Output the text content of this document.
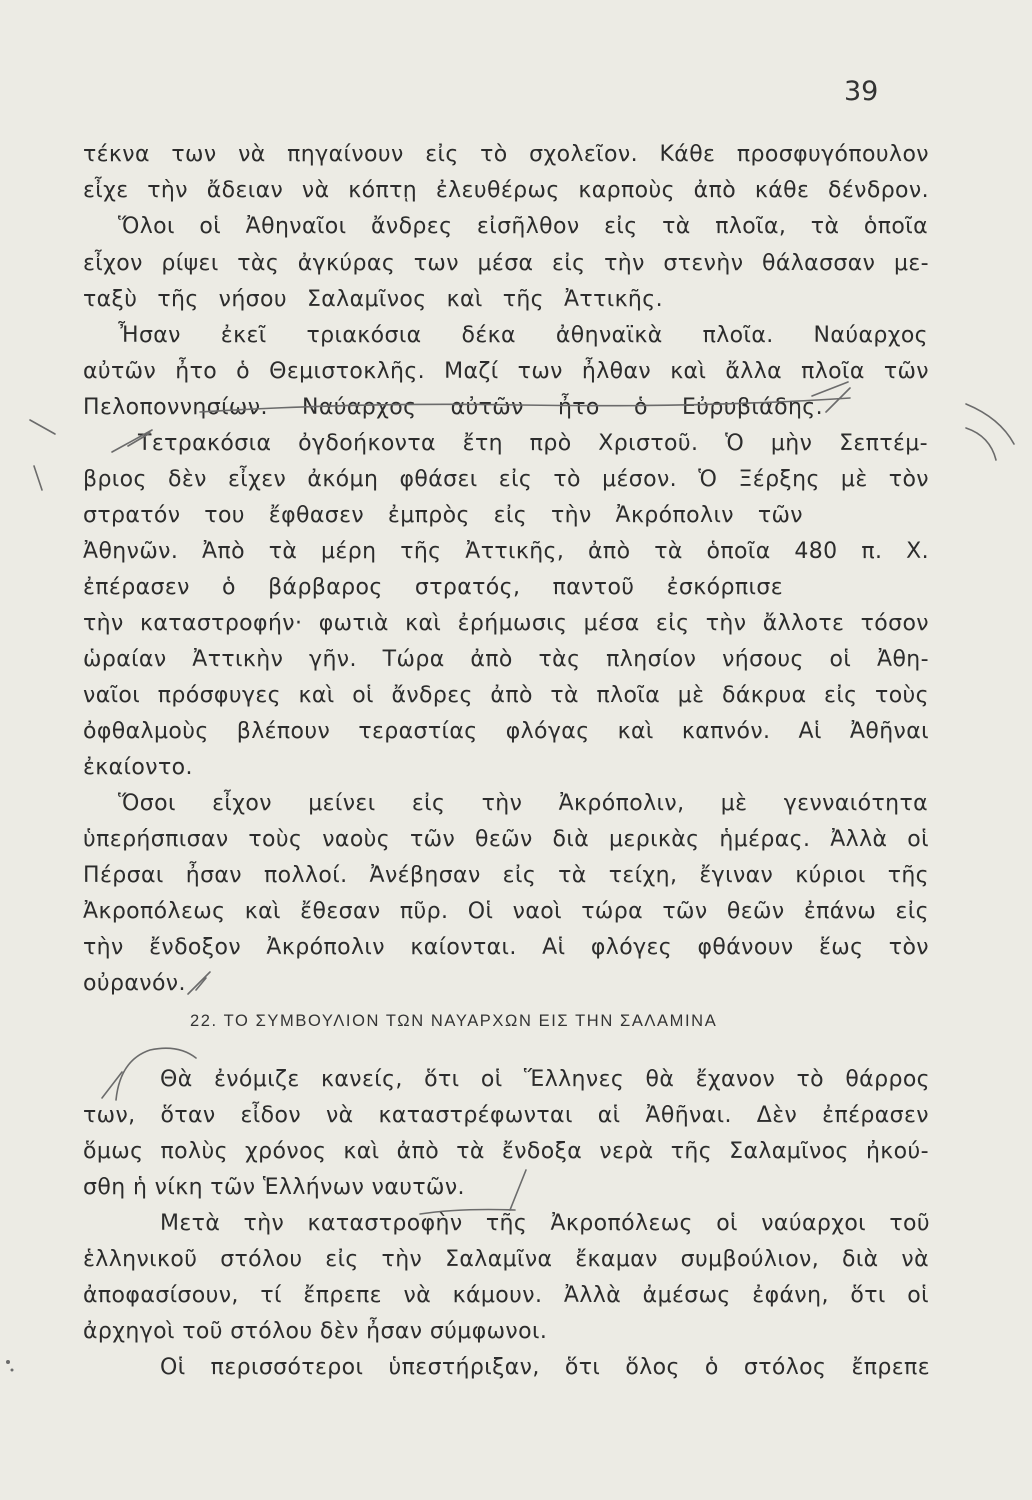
39
τέκνα των νὰ πηγαίνουν εἰς τὸ σχολεῖον. Κάθε προσφυγόπουλον
εἶχε τὴν ἄδειαν νὰ κόπτῃ ἐλευθέρως καρποὺς ἀπὸ κάθε δένδρον.
Ὅλοι οἱ Ἀθηναῖοι ἄνδρες εἰσῆλθον εἰς τὰ πλοῖα, τὰ ὁποῖα
εἶχον ρίψει τὰς ἀγκύρας των μέσα εἰς τὴν στενὴν θάλασσαν με-
ταξὺ τῆς νήσου Σαλαμῖνος καὶ τῆς Ἀττικῆς.
Ἦσαν ἐκεῖ τριακόσια δέκα ἀθηναϊκὰ πλοῖα. Ναύαρχος
αὐτῶν ἦτο ὁ Θεμιστοκλῆς. Μαζί των ἦλθαν καὶ ἄλλα πλοῖα τῶν
Πελοποννησίων. Ναύαρχος αὐτῶν ἦτο ὁ Εὐρυβιάδης.
Τετρακόσια ὀγδοήκοντα ἔτη πρὸ Χριστοῦ. Ὁ μὴν Σεπτέμ-
βριος δὲν εἶχεν ἀκόμη φθάσει εἰς τὸ μέσον. Ὁ Ξέρξης μὲ τὸν
στρατόν του ἔφθασεν ἐμπρὸς εἰς τὴν Ἀκρόπολιν τῶν
Ἀθηνῶν. Ἀπὸ τὰ μέρη τῆς Ἀττικῆς, ἀπὸ τὰ ὁποῖα 480 π. Χ.
ἐπέρασεν ὁ βάρβαρος στρατός, παντοῦ ἐσκόρπισε
τὴν καταστροφήν· φωτιὰ καὶ ἐρήμωσις μέσα εἰς τὴν ἄλλοτε τόσον
ὡραίαν Ἀττικὴν γῆν. Τώρα ἀπὸ τὰς πλησίον νήσους οἱ Ἀθη-
ναῖοι πρόσφυγες καὶ οἱ ἄνδρες ἀπὸ τὰ πλοῖα μὲ δάκρυα εἰς τοὺς
ὀφθαλμοὺς βλέπουν τεραστίας φλόγας καὶ καπνόν. Αἱ Ἀθῆναι
ἐκαίοντο.
Ὅσοι εἶχον μείνει εἰς τὴν Ἀκρόπολιν, μὲ γενναιότητα
ὑπερήσπισαν τοὺς ναοὺς τῶν θεῶν διὰ μερικὰς ἡμέρας. Ἀλλὰ οἱ
Πέρσαι ἦσαν πολλοί. Ἀνέβησαν εἰς τὰ τείχη, ἔγιναν κύριοι τῆς
Ἀκροπόλεως καὶ ἔθεσαν πῦρ. Οἱ ναοὶ τώρα τῶν θεῶν ἐπάνω εἰς
τὴν ἔνδοξον Ἀκρόπολιν καίονται. Αἱ φλόγες φθάνουν ἕως τὸν
οὐρανόν.
22. ΤΟ ΣΥΜΒΟΥΛΙΟΝ ΤΩΝ ΝΑΥΑΡΧΩΝ ΕΙΣ ΤΗΝ ΣΑΛΑΜΙΝΑ
Θὰ ἐνόμιζε κανείς, ὅτι οἱ Ἕλληνες θὰ ἔχανον τὸ θάρρος
των, ὅταν εἶδον νὰ καταστρέφωνται αἱ Ἀθῆναι. Δὲν ἐπέρασεν
ὅμως πολὺς χρόνος καὶ ἀπὸ τὰ ἔνδοξα νερὰ τῆς Σαλαμῖνος ἠκού-
σθη ἡ νίκη τῶν Ἑλλήνων ναυτῶν.
Μετὰ τὴν καταστροφὴν τῆς Ἀκροπόλεως οἱ ναύαρχοι τοῦ
ἑλληνικοῦ στόλου εἰς τὴν Σαλαμῖνα ἔκαμαν συμβούλιον, διὰ νὰ
ἀποφασίσουν, τί ἔπρεπε νὰ κάμουν. Ἀλλὰ ἀμέσως ἐφάνη, ὅτι οἱ
ἀρχηγοὶ τοῦ στόλου δὲν ἦσαν σύμφωνοι.
Οἱ περισσότεροι ὑπεστήριξαν, ὅτι ὅλος ὁ στόλος ἔπρεπε
